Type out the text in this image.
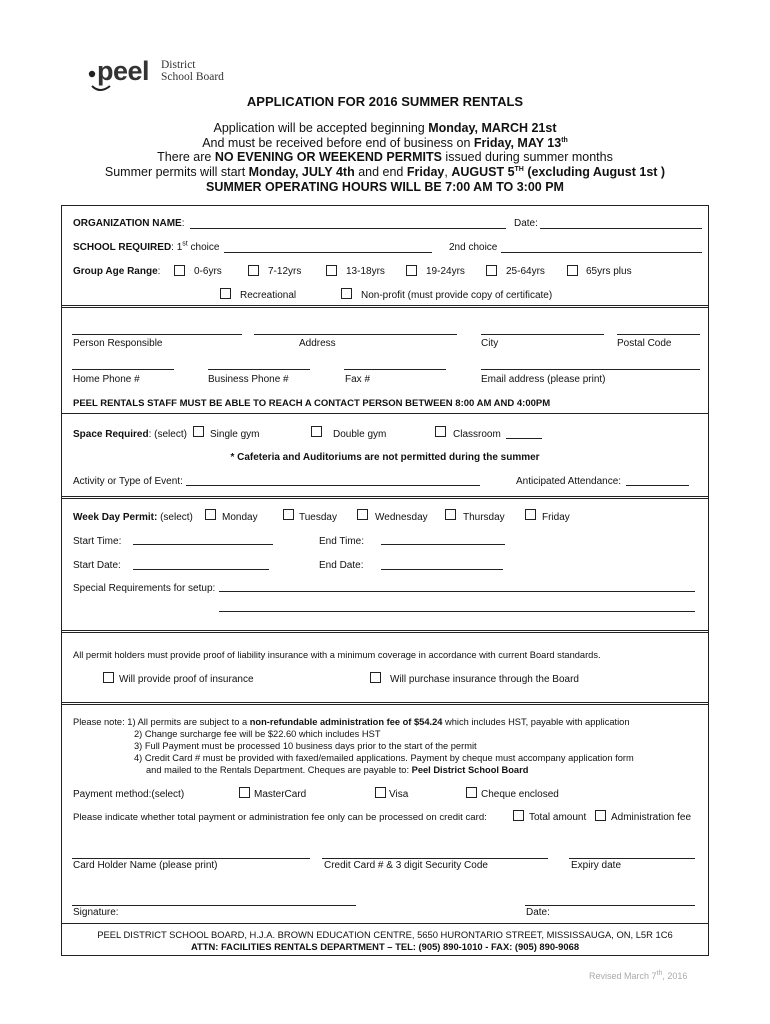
peel District
School Board
APPLICATION FOR 2016 SUMMER RENTALS
Application will be accepted beginning Monday, MARCH 21st
And must be received before end of business on Friday, MAY 13th
There are NO EVENING OR WEEKEND PERMITS issued during summer months
Summer permits will start Monday, JULY 4th and end Friday, AUGUST 5TH (excluding August 1st )
SUMMER OPERATING HOURS WILL BE 7:00 AM TO 3:00 PM
ORGANIZATION NAME:	Date:
SCHOOL REQUIRED: 1st choice	2nd choice
Group Age Range:	0-6yrs	7-12yrs	13-18yrs	19-24yrs	25-64yrs	65yrs plus
Recreational	Non-profit (must provide copy of certificate)
Person Responsible	Address	City	Postal Code
Home Phone #	Business Phone #	Fax #	Email address (please print)
PEEL RENTALS STAFF MUST BE ABLE TO REACH A CONTACT PERSON BETWEEN 8:00 AM AND 4:00PM
Space Required: (select) Single gym	Double gym	Classroom
* Cafeteria and Auditoriums are not permitted during the summer
Activity or Type of Event:	Anticipated Attendance:
Week Day Permit: (select)	Monday	Tuesday	Wednesday	Thursday	Friday
Start Time:	End Time:
Start Date:	End Date:
Special Requirements for setup:
All permit holders must provide proof of liability insurance with a minimum coverage in accordance with current Board standards.
Will provide proof of insurance	Will purchase insurance through the Board
Please note: 1) All permits are subject to a non-refundable administration fee of $54.24 which includes HST, payable with application
2) Change surcharge fee will be $22.60 which includes HST
3) Full Payment must be processed 10 business days prior to the start of the permit
4) Credit Card # must be provided with faxed/emailed applications. Payment by cheque must accompany application form
and mailed to the Rentals Department. Cheques are payable to: Peel District School Board
Payment method:(select)	MasterCard	Visa	Cheque enclosed
Please indicate whether total payment or administration fee only can be processed on credit card:	Total amount Administration fee
Card Holder Name (please print)	Credit Card # & 3 digit Security Code	Expiry date
Signature:	Date:
PEEL DISTRICT SCHOOL BOARD, H.J.A. BROWN EDUCATION CENTRE, 5650 HURONTARIO STREET, MISSISSAUGA, ON, L5R 1C6
ATTN: FACILITIES RENTALS DEPARTMENT – TEL: (905) 890-1010 - FAX: (905) 890-9068
Revised March 7th, 2016
